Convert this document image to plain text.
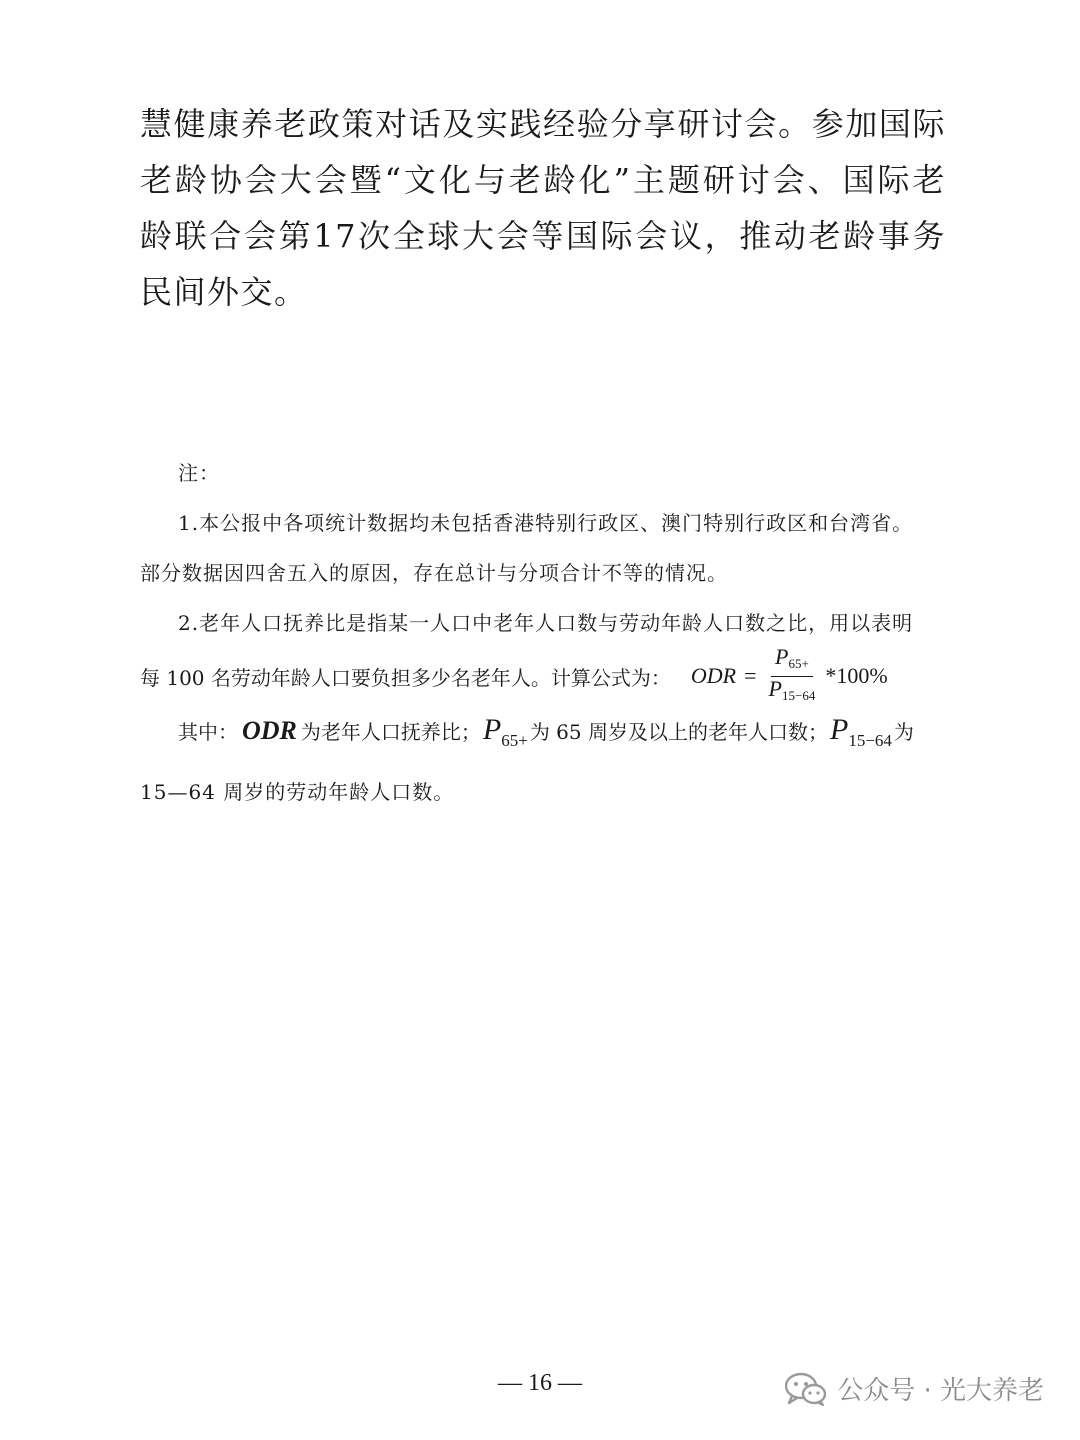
慧健康养老政策对话及实践经验分享研讨会。参加国际老龄协会大会暨“文化与老龄化”主题研讨会、国际老龄联合会第17次全球大会等国际会议，推动老龄事务民间外交。

注：

1.本公报中各项统计数据均未包括香港特别行政区、澳门特别行政区和台湾省。

部分数据因四舍五入的原因，存在总计与分项合计不等的情况。

2.老年人口抚养比是指某一人口中老年人口数与劳动年龄人口数之比，用以表明

每 100 名劳动年龄人口要负担多少名老年人。计算公式为： ODR = $\frac{P_{65+}}{P_{15-64}} *100\%$
其中： ODR 为老年人口抚养比； $P_{65+}$ 为 65 周岁及以上的老年人口数； $P_{15-64}$ 为

15—64 周岁的劳动年龄人口数。

— 16 —	公众号 · 光大养老
